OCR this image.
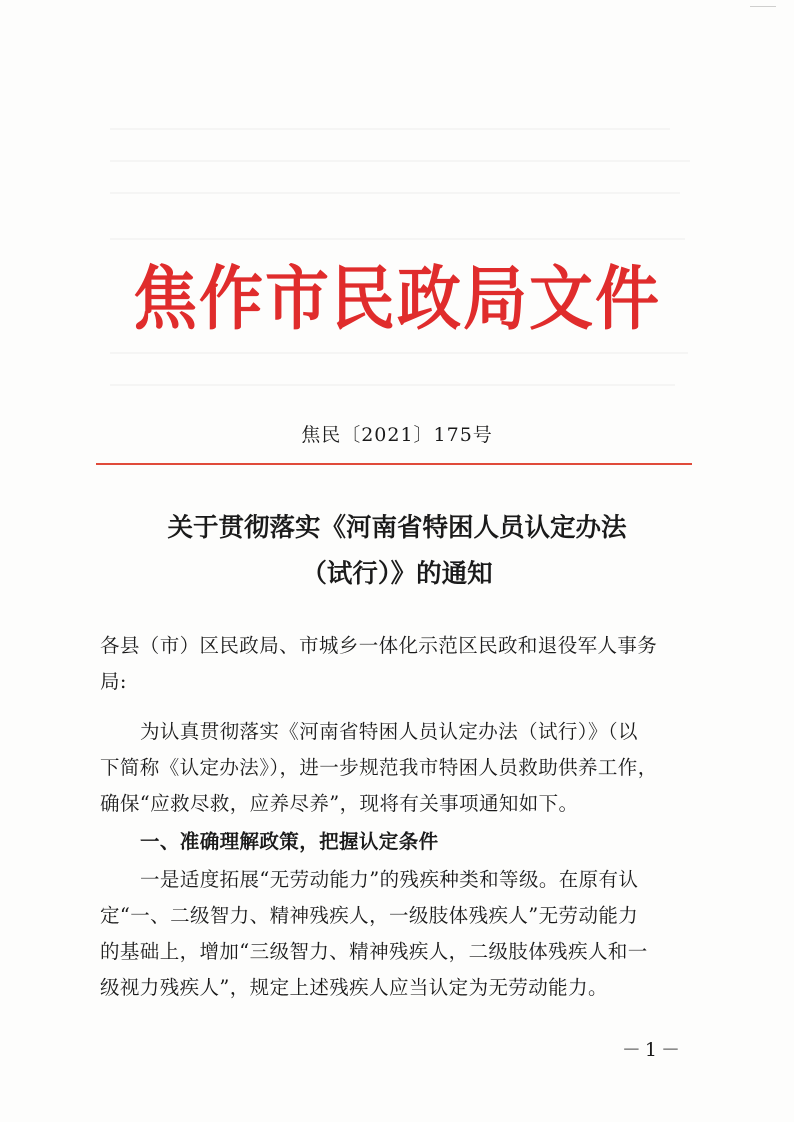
焦作市民政局文件
焦民〔2021〕175号
关于贯彻落实《河南省特困人员认定办法
（试行）》的通知

各县（市）区民政局、市城乡一体化示范区民政和退役军人事务
局:

为认真贯彻落实《河南省特困人员认定办法（试行）》（以
下简称《认定办法》），进一步规范我市特困人员救助供养工作，
确保“应救尽救，应养尽养”，现将有关事项通知如下。

一、准确理解政策，把握认定条件

一是适度拓展“无劳动能力”的残疾种类和等级。在原有认
定“一、二级智力、精神残疾人，一级肢体残疾人”无劳动能力
的基础上，增加“三级智力、精神残疾人，二级肢体残疾人和一
级视力残疾人”，规定上述残疾人应当认定为无劳动能力。

－1－
